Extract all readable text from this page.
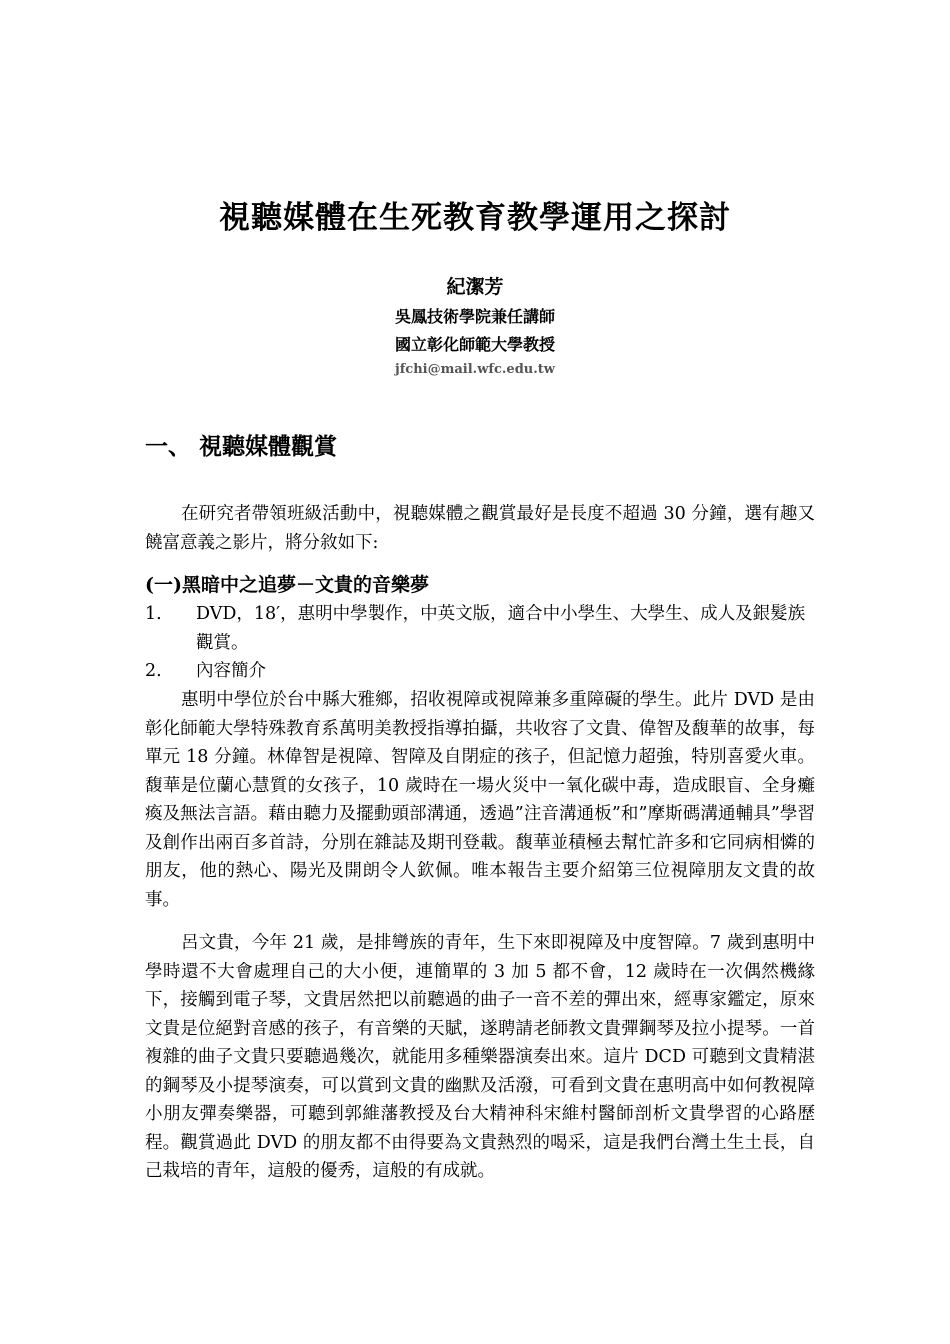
視聽媒體在生死教育教學運用之探討

紀潔芳

吳鳳技術學院兼任講師

國立彰化師範大學教授

jfchi@mail.wfc.edu.tw

一、 視聽媒體觀賞

在研究者帶領班級活動中，視聽媒體之觀賞最好是長度不超過 30 分鐘，選有趣又饒富意義之影片，將分敘如下:

(一)黑暗中之追夢－文貴的音樂夢
1. DVD，18′，惠明中學製作，中英文版，適合中小學生、大學生、成人及銀髮族觀賞。
2. 內容簡介

惠明中學位於台中縣大雅鄉，招收視障或視障兼多重障礙的學生。此片 DVD 是由彰化師範大學特殊教育系萬明美教授指導拍攝，共收容了文貴、偉智及馥華的故事，每單元 18 分鐘。林偉智是視障、智障及自閉症的孩子，但記憶力超強，特別喜愛火車。馥華是位蘭心慧質的女孩子，10 歲時在一場火災中一氧化碳中毒，造成眼盲、全身癱瘓及無法言語。藉由聽力及擺動頭部溝通，透過”注音溝通板”和”摩斯碼溝通輔具”學習及創作出兩百多首詩，分別在雜誌及期刊登載。馥華並積極去幫忙許多和它同病相憐的朋友，他的熱心、陽光及開朗令人欽佩。唯本報告主要介紹第三位視障朋友文貴的故事。

呂文貴，今年 21 歲，是排彎族的青年，生下來即視障及中度智障。7 歲到惠明中學時還不大會處理自己的大小便，連簡單的 3 加 5 都不會，12 歲時在一次偶然機緣下，接觸到電子琴，文貴居然把以前聽過的曲子一音不差的彈出來，經專家鑑定，原來文貴是位絕對音感的孩子，有音樂的天賦，遂聘請老師教文貴彈鋼琴及拉小提琴。一首複雜的曲子文貴只要聽過幾次，就能用多種樂器演奏出來。這片 DCD 可聽到文貴精湛的鋼琴及小提琴演奏，可以賞到文貴的幽默及活潑，可看到文貴在惠明高中如何教視障小朋友彈奏樂器，可聽到郭維藩教授及台大精神科宋維村醫師剖析文貴學習的心路歷程。觀賞過此 DVD 的朋友都不由得要為文貴熱烈的喝采，這是我們台灣土生土長，自己栽培的青年，這般的優秀，這般的有成就。
